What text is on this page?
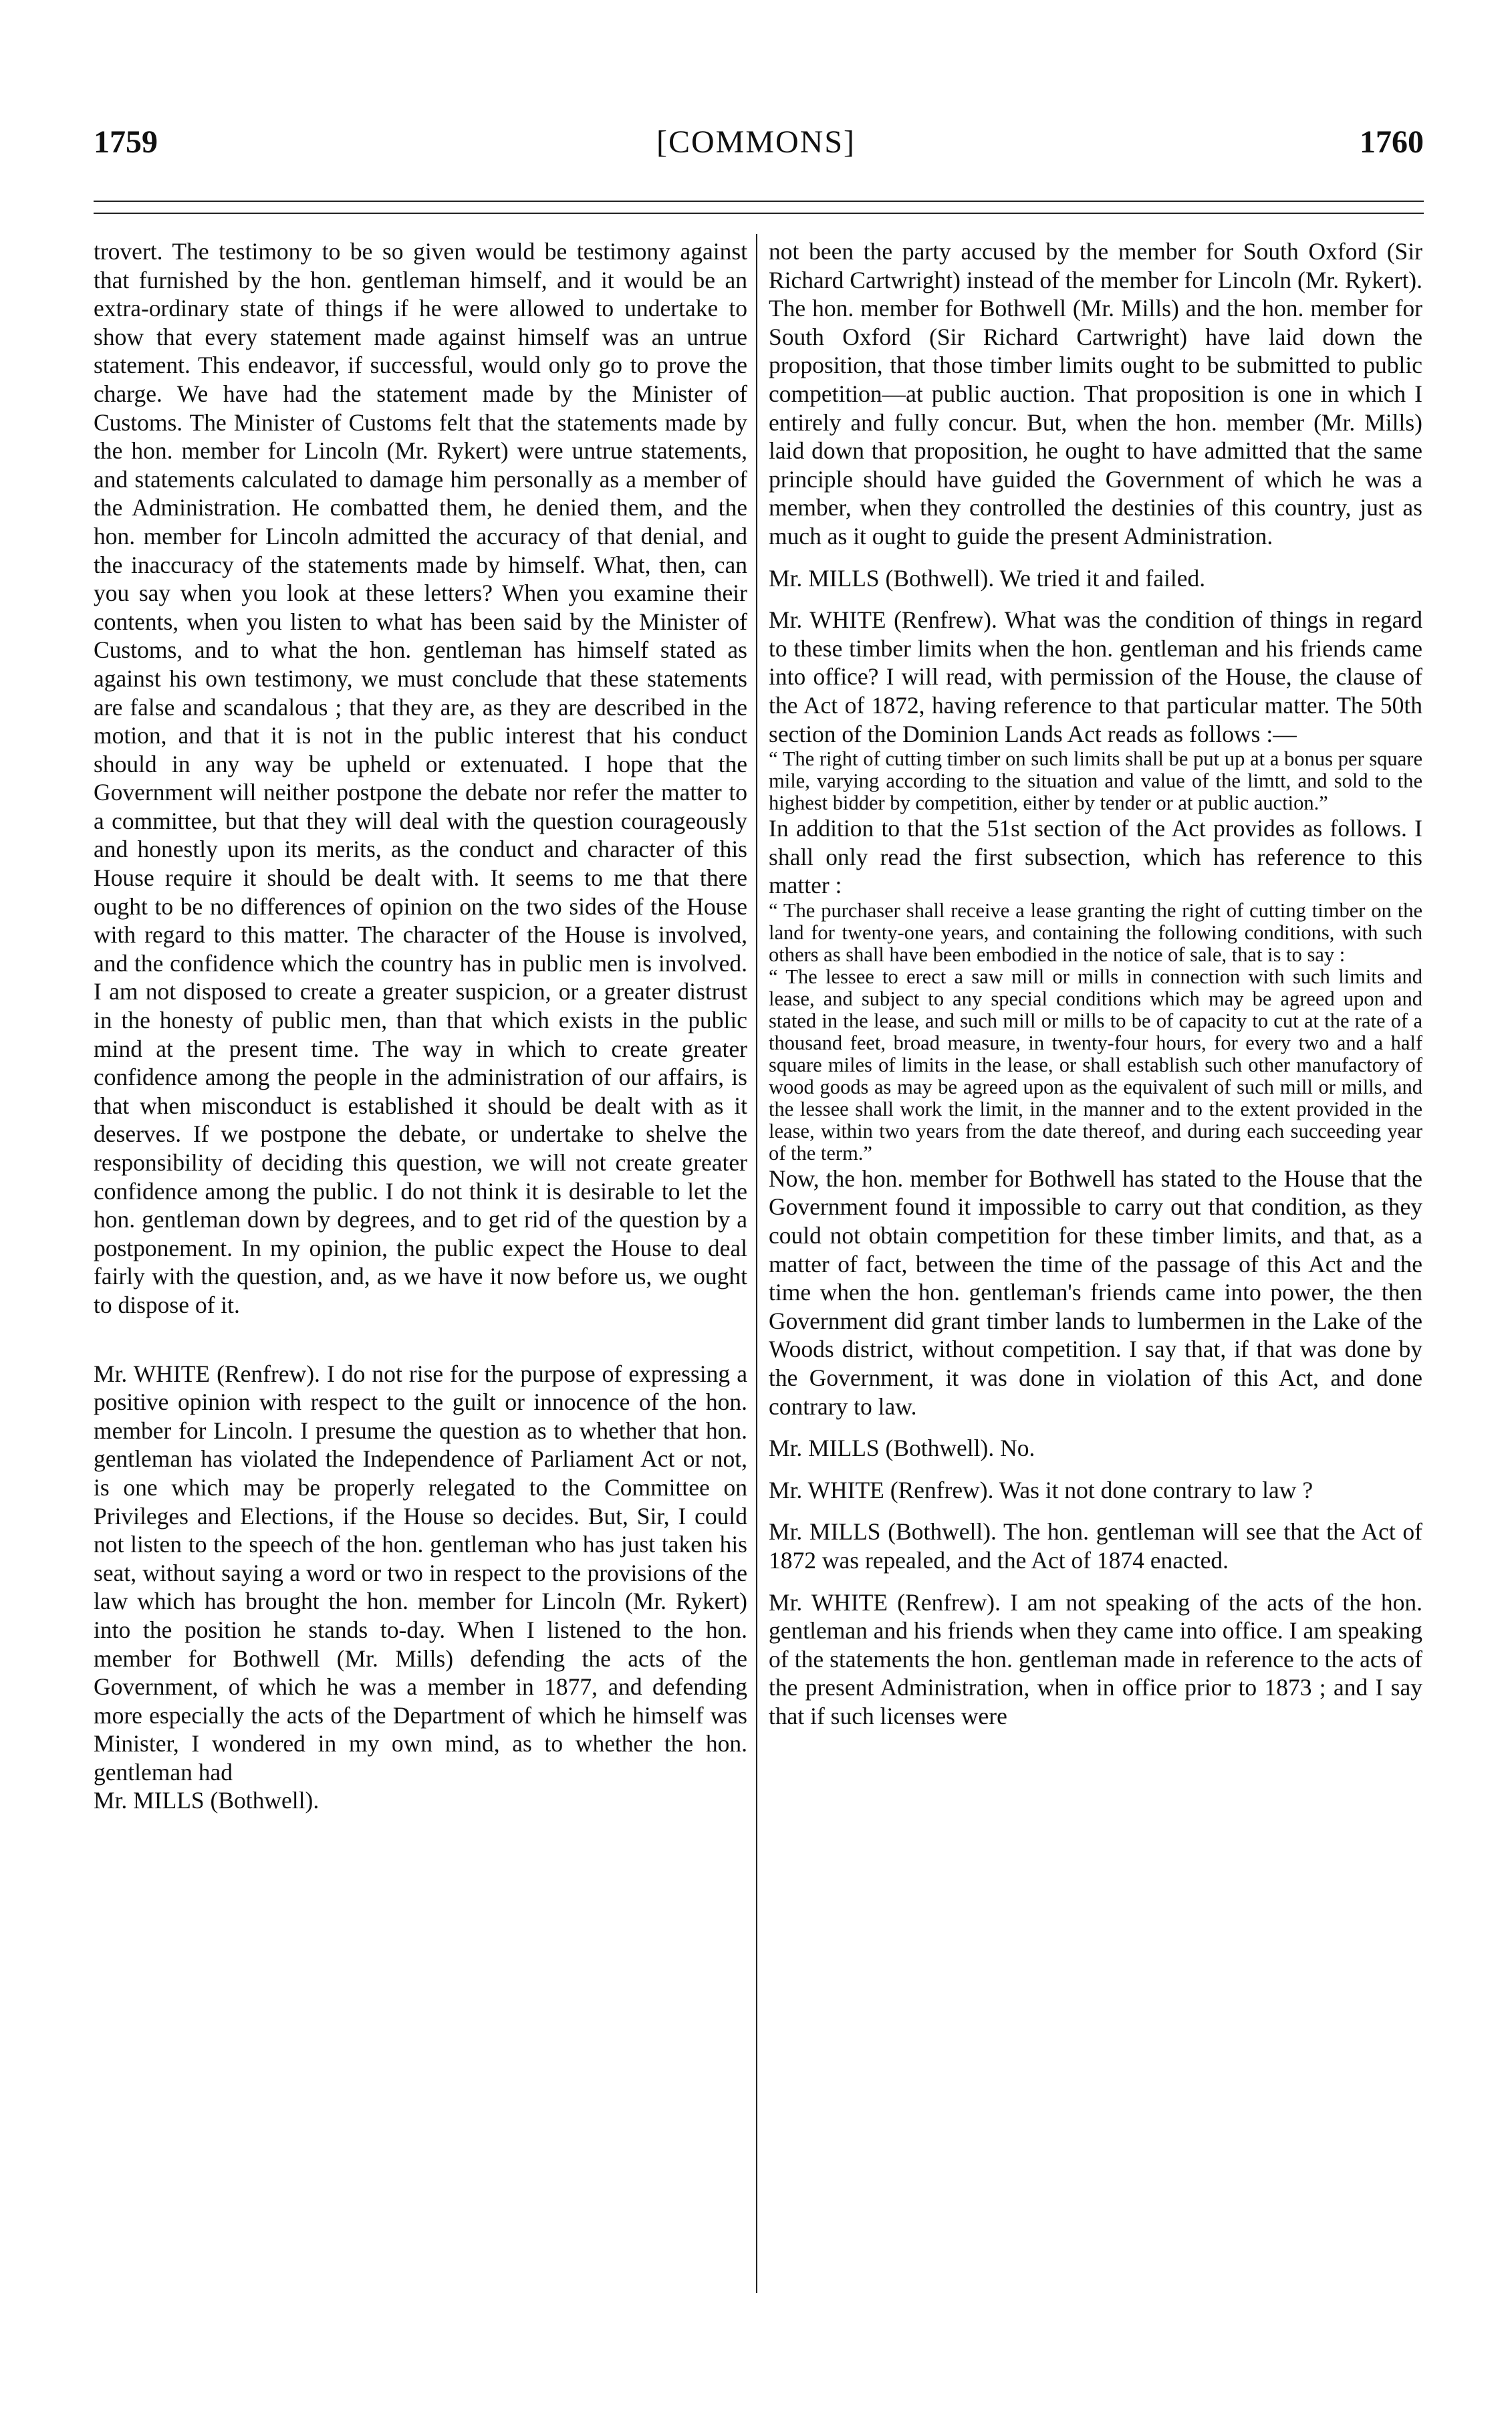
1759	[COMMONS]	1760

trovert. The testimony to be so given would be testimony against that furnished by the hon. gentleman himself, and it would be an extra-ordinary state of things if he were allowed to undertake to show that every statement made against himself was an untrue statement. This endeavor, if successful, would only go to prove the charge. We have had the statement made by the Minister of Customs. The Minister of Customs felt that the statements made by the hon. member for Lincoln (Mr. Rykert) were untrue statements, and statements calculated to damage him personally as a member of the Administration. He combatted them, he denied them, and the hon. member for Lincoln admitted the accuracy of that denial, and the inaccuracy of the statements made by himself. What, then, can you say when you look at these letters? When you examine their contents, when you listen to what has been said by the Minister of Customs, and to what the hon. gentleman has himself stated as against his own testimony, we must conclude that these statements are false and scandalous ; that they are, as they are described in the motion, and that it is not in the public interest that his conduct should in any way be upheld or extenuated. I hope that the Government will neither postpone the debate nor refer the matter to a committee, but that they will deal with the question courageously and honestly upon its merits, as the conduct and character of this House require it should be dealt with. It seems to me that there ought to be no differences of opinion on the two sides of the House with regard to this matter. The character of the House is involved, and the confidence which the country has in public men is involved. I am not disposed to create a greater suspicion, or a greater distrust in the honesty of public men, than that which exists in the public mind at the present time. The way in which to create greater confidence among the people in the administration of our affairs, is that when misconduct is established it should be dealt with as it deserves. If we postpone the debate, or undertake to shelve the responsibility of deciding this question, we will not create greater confidence among the public. I do not think it is desirable to let the hon. gentleman down by degrees, and to get rid of the question by a postponement. In my opinion, the public expect the House to deal fairly with the question, and, as we have it now before us, we ought to dispose of it.

Mr. WHITE (Renfrew). I do not rise for the purpose of expressing a positive opinion with respect to the guilt or innocence of the hon. member for Lincoln. I presume the question as to whether that hon. gentleman has violated the Independence of Parliament Act or not, is one which may be properly relegated to the Committee on Privileges and Elections, if the House so decides. But, Sir, I could not listen to the speech of the hon. gentleman who has just taken his seat, without saying a word or two in respect to the provisions of the law which has brought the hon. member for Lincoln (Mr. Rykert) into the position he stands to-day. When I listened to the hon. member for Bothwell (Mr. Mills) defending the acts of the Government, of which he was a member in 1877, and defending more especially the acts of the Department of which he himself was Minister, I wondered in my own mind, as to whether the hon. gentleman had

Mr. MILLS (Bothwell).

not been the party accused by the member for South Oxford (Sir Richard Cartwright) instead of the member for Lincoln (Mr. Rykert). The hon. member for Bothwell (Mr. Mills) and the hon. member for South Oxford (Sir Richard Cartwright) have laid down the proposition, that those timber limits ought to be submitted to public competition—at public auction. That proposition is one in which I entirely and fully concur. But, when the hon. member (Mr. Mills) laid down that proposition, he ought to have admitted that the same principle should have guided the Government of which he was a member, when they controlled the destinies of this country, just as much as it ought to guide the present Administration.

Mr. MILLS (Bothwell). We tried it and failed.

Mr. WHITE (Renfrew). What was the condition of things in regard to these timber limits when the hon. gentleman and his friends came into office? I will read, with permission of the House, the clause of the Act of 1872, having reference to that particular matter. The 50th section of the Dominion Lands Act reads as follows :—

“ The right of cutting timber on such limits shall be put up at a bonus per square mile, varying according to the situation and value of the limtt, and sold to the highest bidder by competition, either by tender or at public auction.”

In addition to that the 51st section of the Act provides as follows. I shall only read the first subsection, which has reference to this matter :

“ The purchaser shall receive a lease granting the right of cutting timber on the land for twenty-one years, and containing the following conditions, with such others as shall have been embodied in the notice of sale, that is to say :

“ The lessee to erect a saw mill or mills in connection with such limits and lease, and subject to any special conditions which may be agreed upon and stated in the lease, and such mill or mills to be of capacity to cut at the rate of a thousand feet, broad measure, in twenty-four hours, for every two and a half square miles of limits in the lease, or shall establish such other manufactory of wood goods as may be agreed upon as the equivalent of such mill or mills, and the lessee shall work the limit, in the manner and to the extent provided in the lease, within two years from the date thereof, and during each succeeding year of the term.”

Now, the hon. member for Bothwell has stated to the House that the Government found it impossible to carry out that condition, as they could not obtain competition for these timber limits, and that, as a matter of fact, between the time of the passage of this Act and the time when the hon. gentleman's friends came into power, the then Government did grant timber lands to lumbermen in the Lake of the Woods district, without competition. I say that, if that was done by the Government, it was done in violation of this Act, and done contrary to law.

Mr. MILLS (Bothwell). No.

Mr. WHITE (Renfrew). Was it not done contrary to law ?

Mr. MILLS (Bothwell). The hon. gentleman will see that the Act of 1872 was repealed, and the Act of 1874 enacted.

Mr. WHITE (Renfrew). I am not speaking of the acts of the hon. gentleman and his friends when they came into office. I am speaking of the statements the hon. gentleman made in reference to the acts of the present Administration, when in office prior to 1873 ; and I say that if such licenses were
